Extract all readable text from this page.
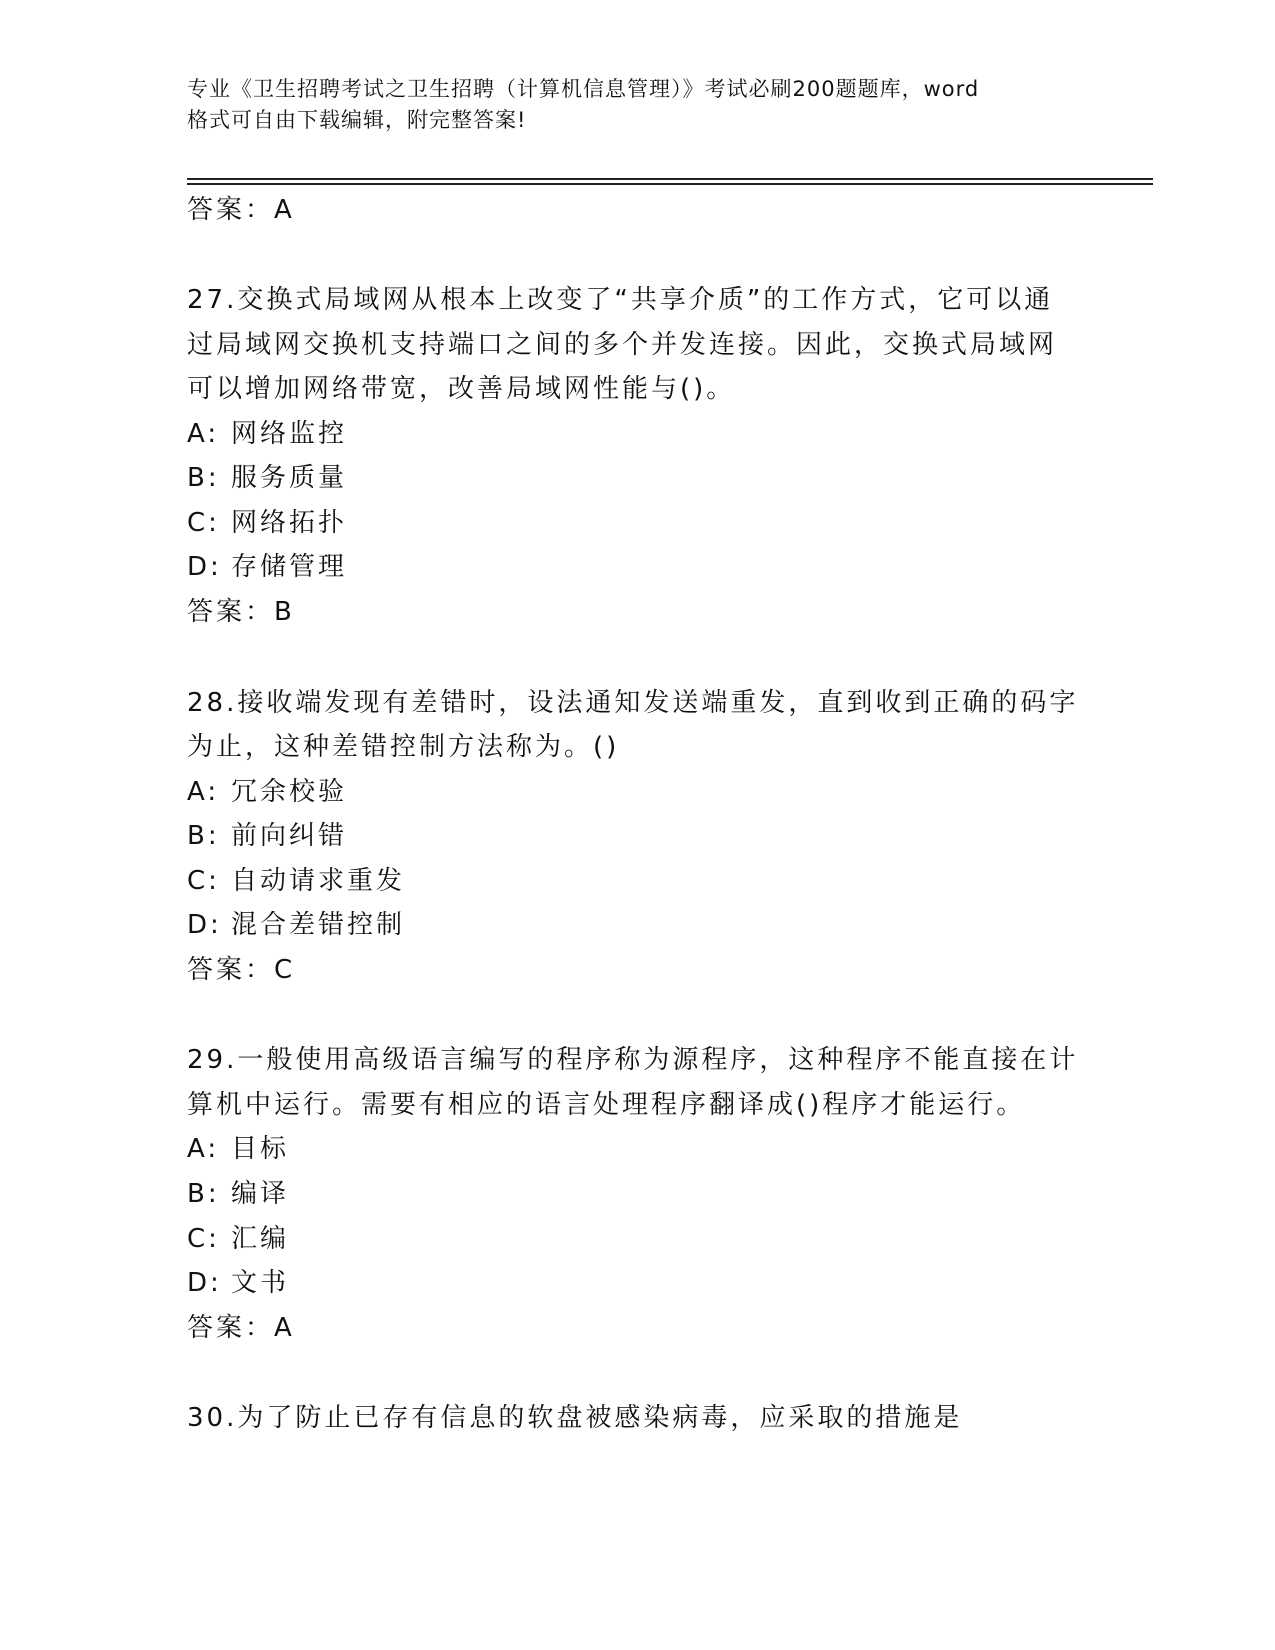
专业《卫生招聘考试之卫生招聘（计算机信息管理）》考试必刷200题题库，word
格式可自由下载编辑，附完整答案!
答案：A
27.交换式局域网从根本上改变了“共享介质”的工作方式，它可以通
过局域网交换机支持端口之间的多个并发连接。因此，交换式局域网
可以增加网络带宽，改善局域网性能与()。
A: 网络监控
B: 服务质量
C: 网络拓扑
D: 存储管理
答案：B
28.接收端发现有差错时，设法通知发送端重发，直到收到正确的码字
为止，这种差错控制方法称为。()
A: 冗余校验
B: 前向纠错
C: 自动请求重发
D: 混合差错控制
答案：C
29.一般使用高级语言编写的程序称为源程序，这种程序不能直接在计
算机中运行。需要有相应的语言处理程序翻译成()程序才能运行。
A: 目标
B: 编译
C: 汇编
D: 文书
答案：A
30.为了防止已存有信息的软盘被感染病毒，应采取的措施是
